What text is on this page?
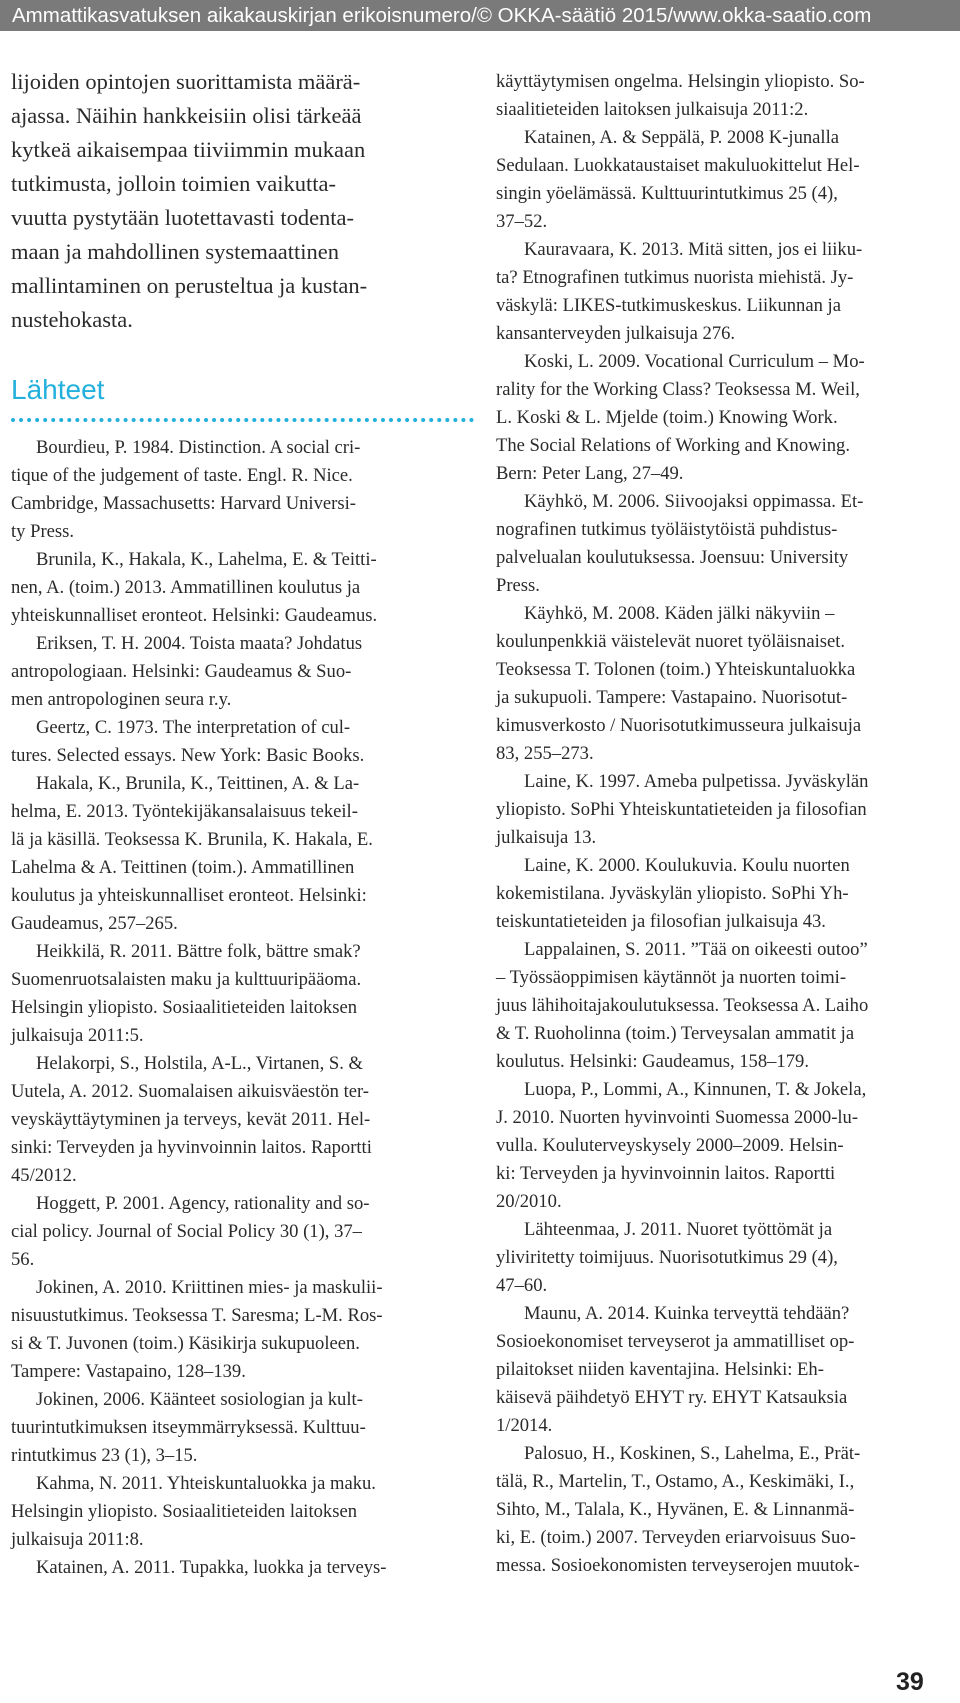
Ammattikasvatuksen aikakauskirjan erikoisnumero/© OKKA-säätiö 2015/www.okka-saatio.com
lijoiden opintojen suorittamista määrä-
ajassa. Näihin hankkeisiin olisi tärkeää
kytkeä aikaisempaa tiiviimmin mukaan
tutkimusta, jolloin toimien vaikutta-
vuutta pystytään luotettavasti todenta-
maan ja mahdollinen systemaattinen
mallintaminen on perusteltua ja kustan-
nustehokasta.
Bourdieu, P. 1984. Distinction. A social cri-
tique of the judgement of taste. Engl. R. Nice.
Cambridge, Massachusetts: Harvard Universi-
ty Press.
Brunila, K., Hakala, K., Lahelma, E. & Teitti-
nen, A. (toim.) 2013. Ammatillinen koulutus ja
yhteiskunnalliset eronteot. Helsinki: Gaudeamus.
Eriksen, T. H. 2004. Toista maata? Johdatus
antropologiaan. Helsinki: Gaudeamus & Suo-
men antropologinen seura r.y.
Geertz, C. 1973. The interpretation of cul-
tures. Selected essays. New York: Basic Books.
Hakala, K., Brunila, K., Teittinen, A. & La-
helma, E. 2013. Työntekijäkansalaisuus tekeil-
lä ja käsillä. Teoksessa K. Brunila, K. Hakala, E.
Lahelma & A. Teittinen (toim.). Ammatillinen
koulutus ja yhteiskunnalliset eronteot. Helsinki:
Gaudeamus, 257–265.
Heikkilä, R. 2011. Bättre folk, bättre smak?
Suomenruotsalaisten maku ja kulttuuripääoma.
Helsingin yliopisto. Sosiaalitieteiden laitoksen
julkaisuja 2011:5.
Helakorpi, S., Holstila, A-L., Virtanen, S. &
Uutela, A. 2012. Suomalaisen aikuisväestön ter-
veyskäyttäytyminen ja terveys, kevät 2011. Hel-
sinki: Terveyden ja hyvinvoinnin laitos. Raportti
45/2012.
Hoggett, P. 2001. Agency, rationality and so-
cial policy. Journal of Social Policy 30 (1), 37–
56.
Jokinen, A. 2010. Kriittinen mies- ja maskulii-
nisuustutkimus. Teoksessa T. Saresma; L-M. Ros-
si & T. Juvonen (toim.) Käsikirja sukupuoleen.
Tampere: Vastapaino, 128–139.
Jokinen, 2006. Käänteet sosiologian ja kult-
tuurintutkimuksen itseymmärryksessä. Kulttuu-
rintutkimus 23 (1), 3–15.
Kahma, N. 2011. Yhteiskuntaluokka ja maku.
Helsingin yliopisto. Sosiaalitieteiden laitoksen
julkaisuja 2011:8.
Katainen, A. 2011. Tupakka, luokka ja terveys-
Lähteet
käyttäytymisen ongelma. Helsingin yliopisto. So-
siaalitieteiden laitoksen julkaisuja 2011:2.
Katainen, A. & Seppälä, P. 2008 K-junalla
Sedulaan. Luokkataustaiset makuluokittelut Hel-
singin yöelämässä. Kulttuurintutkimus 25 (4),
37–52.
Kauravaara, K. 2013. Mitä sitten, jos ei liiku-
ta? Etnografinen tutkimus nuorista miehistä. Jy-
väskylä: LIKES-tutkimuskeskus. Liikunnan ja
kansanterveyden julkaisuja 276.
Koski, L. 2009. Vocational Curriculum – Mo-
rality for the Working Class? Teoksessa M. Weil,
L. Koski & L. Mjelde (toim.) Knowing Work.
The Social Relations of Working and Knowing.
Bern: Peter Lang, 27–49.
Käyhkö, M. 2006. Siivoojaksi oppimassa. Et-
nografinen tutkimus työläistytöistä puhdistus-
palvelualan koulutuksessa. Joensuu: University
Press.
Käyhkö, M. 2008. Käden jälki näkyviin –
koulunpenkkiä väistelevät nuoret työläisnaiset.
Teoksessa T. Tolonen (toim.) Yhteiskuntaluokka
ja sukupuoli. Tampere: Vastapaino. Nuorisotut-
kimusverkosto / Nuorisotutkimusseura julkaisuja
83, 255–273.
Laine, K. 1997. Ameba pulpetissa. Jyväskylän
yliopisto. SoPhi Yhteiskuntatieteiden ja filosofian
julkaisuja 13.
Laine, K. 2000. Koulukuvia. Koulu nuorten
kokemistilana. Jyväskylän yliopisto. SoPhi Yh-
teiskuntatieteiden ja filosofian julkaisuja 43.
Lappalainen, S. 2011. ”Tää on oikeesti outoo”
– Työssäoppimisen käytännöt ja nuorten toimi-
juus lähihoitajakoulutuksessa. Teoksessa A. Laiho
& T. Ruoholinna (toim.) Terveysalan ammatit ja
koulutus. Helsinki: Gaudeamus, 158–179.
Luopa, P., Lommi, A., Kinnunen, T. & Jokela,
J. 2010. Nuorten hyvinvointi Suomessa 2000-lu-
vulla. Kouluterveyskysely 2000–2009. Helsin-
ki: Terveyden ja hyvinvoinnin laitos. Raportti
20/2010.
Lähteenmaa, J. 2011. Nuoret työttömät ja
yliviritetty toimijuus. Nuorisotutkimus 29 (4),
47–60.
Maunu, A. 2014. Kuinka terveyttä tehdään?
Sosioekonomiset terveyserot ja ammatilliset op-
pilaitokset niiden kaventajina. Helsinki: Eh-
käisevä päihdetyö EHYT ry. EHYT Katsauksia
1/2014.
Palosuo, H., Koskinen, S., Lahelma, E., Prät-
tälä, R., Martelin, T., Ostamo, A., Keskimäki, I.,
Sihto, M., Talala, K., Hyvänen, E. & Linnanmä-
ki, E. (toim.) 2007. Terveyden eriarvoisuus Suo-
messa. Sosioekonomisten terveyserojen muutok-
39
